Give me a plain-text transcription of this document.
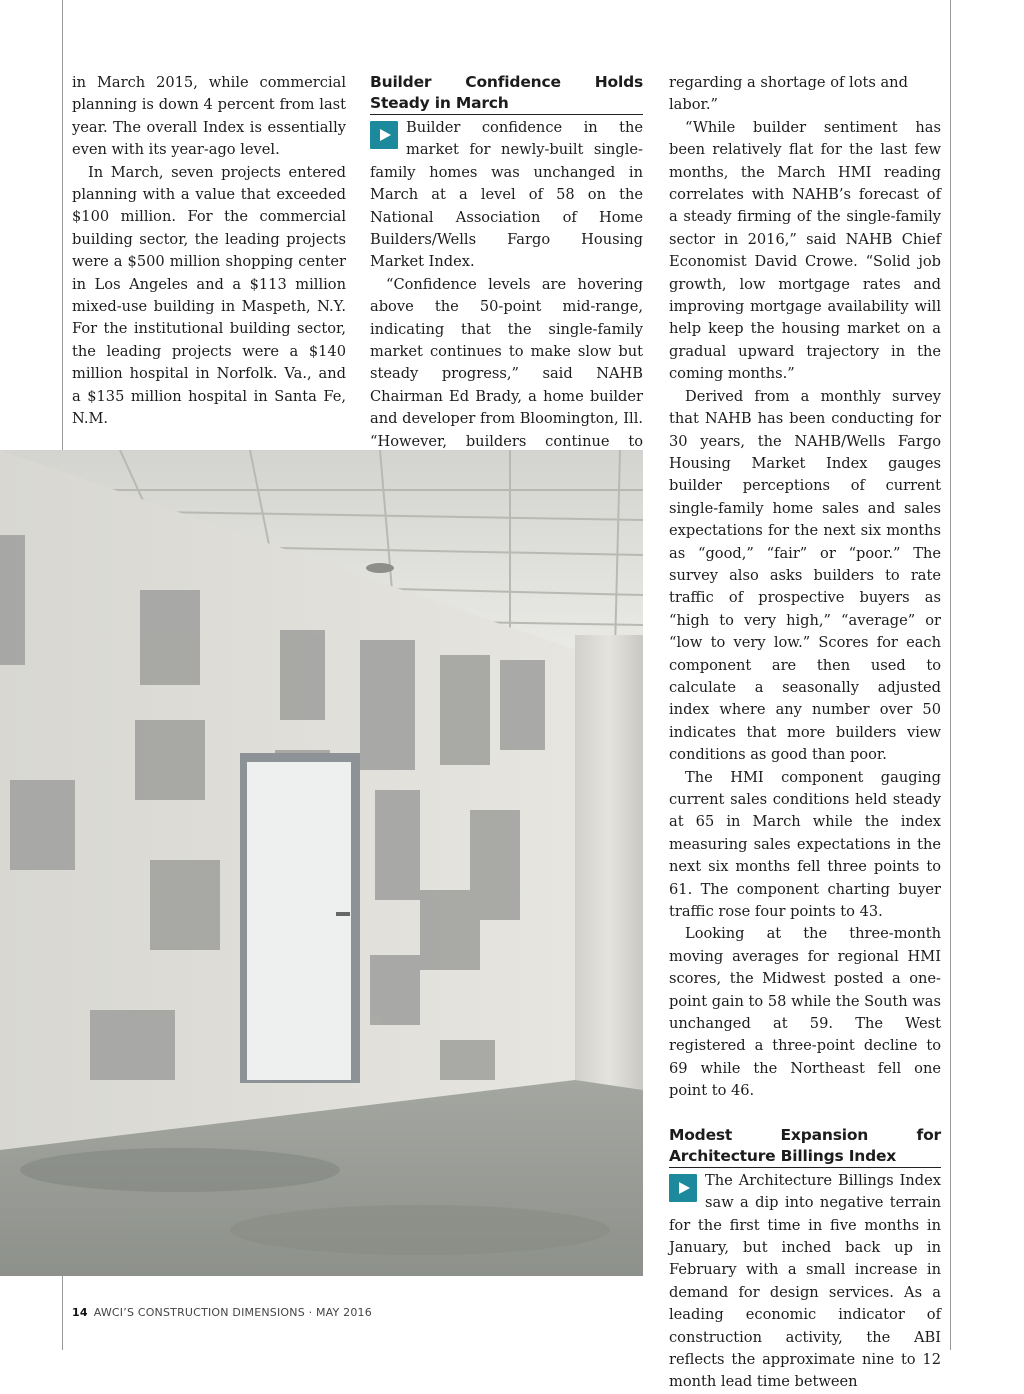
in March 2015, while commercial planning is down 4 percent from last year. The overall Index is essentially even with its year-ago level.

In March, seven projects entered planning with a value that exceeded $100 million. For the commercial building sector, the leading projects were a $500 million shopping center in Los Angeles and a $113 million mixed-use building in Maspeth, N.Y. For the institutional building sector, the leading projects were a $140 million hospital in Norfolk. Va., and a $135 million hospital in Santa Fe, N.M.

Builder Confidence Holds Steady in March

Builder confidence in the market for newly-built single-family homes was unchanged in March at a level of 58 on the National Association of Home Builders/Wells Fargo Housing Market Index.

“Confidence levels are hovering above the 50-point mid-range, indicating that the single-family market continues to make slow but steady progress,” said NAHB Chairman Ed Brady, a home builder and developer from Bloomington, Ill. “However, builders continue to

regarding a shortage of lots and labor.”

“While builder sentiment has been relatively flat for the last few months, the March HMI reading correlates with NAHB’s forecast of a steady firming of the single-family sector in 2016,” said NAHB Chief Economist David Crowe. “Solid job growth, low mortgage rates and improving mortgage availability will help keep the housing market on a gradual upward trajectory in the coming months.”

Derived from a monthly survey that NAHB has been conducting for 30 years, the NAHB/Wells Fargo Housing Market Index gauges builder perceptions of current single-family home sales and sales expectations for the next six months as “good,” “fair” or “poor.” The survey also asks builders to rate traffic of prospective buyers as “high to very high,” “average” or “low to very low.” Scores for each component are then used to calculate a seasonally adjusted index where any number over 50 indicates that more builders view conditions as good than poor.

The HMI component gauging current sales conditions held steady at 65 in March while the index measuring sales expectations in the next six months fell three points to 61. The component charting buyer traffic rose four points to 43.

Looking at the three-month moving averages for regional HMI scores, the Midwest posted a one-point gain to 58 while the South was unchanged at 59. The West registered a three-point decline to 69 while the Northeast fell one point to 46.

Modest Expansion for Architecture Billings Index

The Architecture Billings Index saw a dip into negative terrain for the first time in five months in January, but inched back up in February with a small increase in demand for design services. As a leading economic indicator of construction activity, the ABI reflects the approximate nine to 12 month lead time between

14 AWCI’S CONSTRUCTION DIMENSIONS · MAY 2016
